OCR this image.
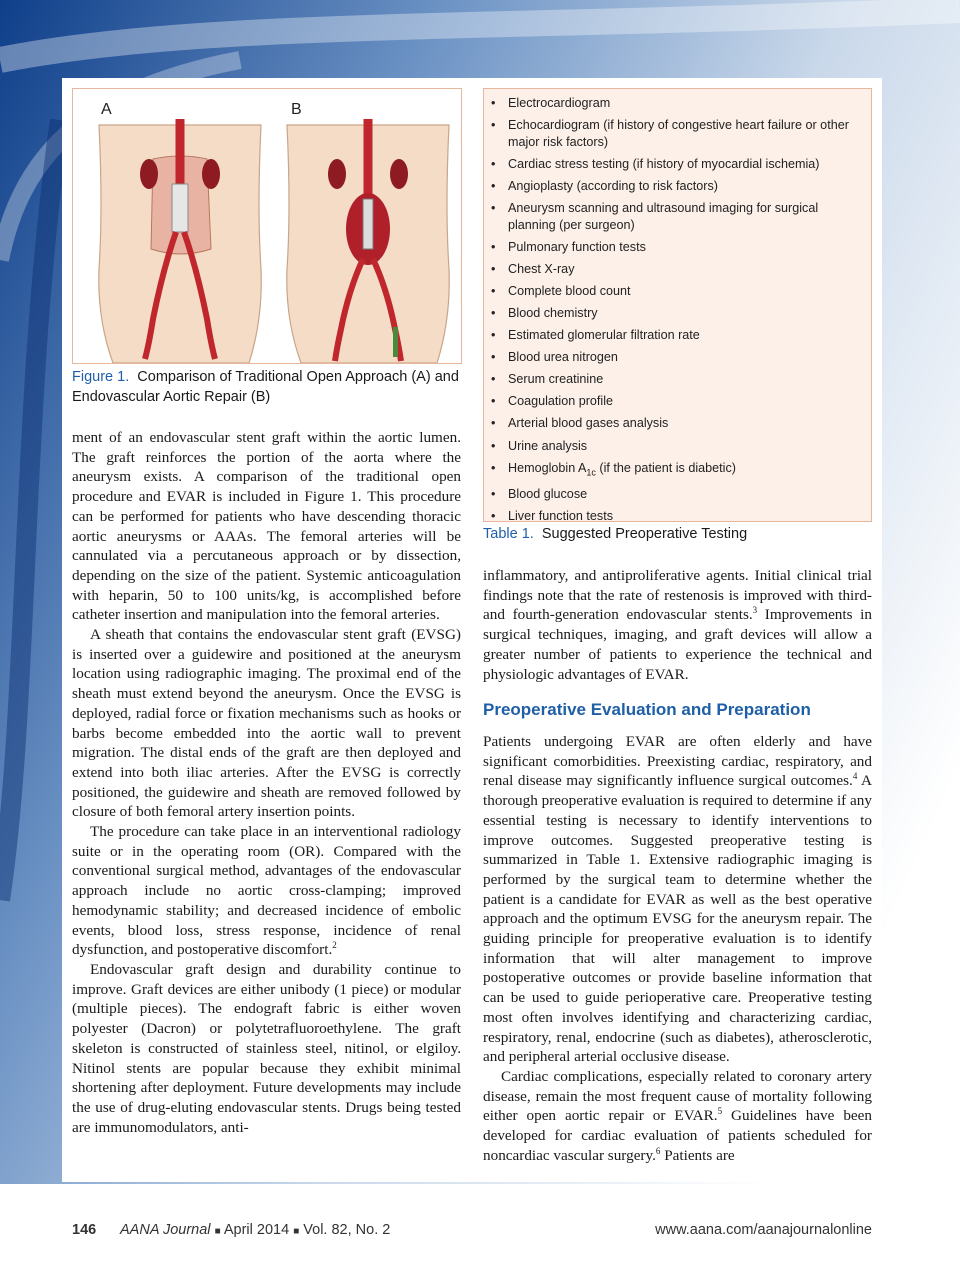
A	B
Figure 1. Comparison of Traditional Open Approach (A) and Endovascular Aortic Repair (B)

ment of an endovascular stent graft within the aortic lumen. The graft reinforces the portion of the aorta where the aneurysm exists. A comparison of the traditional open procedure and EVAR is included in Figure 1. This procedure can be performed for patients who have descending thoracic aortic aneurysms or AAAs. The femoral arteries will be cannulated via a percutaneous approach or by dissection, depending on the size of the patient. Systemic anticoagulation with heparin, 50 to 100 units/kg, is accomplished before catheter insertion and manipulation into the femoral arteries.

A sheath that contains the endovascular stent graft (EVSG) is inserted over a guidewire and positioned at the aneurysm location using radiographic imaging. The proximal end of the sheath must extend beyond the aneurysm. Once the EVSG is deployed, radial force or fixation mechanisms such as hooks or barbs become embedded into the aortic wall to prevent migration. The distal ends of the graft are then deployed and extend into both iliac arteries. After the EVSG is correctly positioned, the guidewire and sheath are removed followed by closure of both femoral artery insertion points.

The procedure can take place in an interventional radiology suite or in the operating room (OR). Compared with the conventional surgical method, advantages of the endovascular approach include no aortic cross-clamping; improved hemodynamic stability; and decreased incidence of embolic events, blood loss, stress response, incidence of renal dysfunction, and postoperative discomfort.$^2$

Endovascular graft design and durability continue to improve. Graft devices are either unibody (1 piece) or modular (multiple pieces). The endograft fabric is either woven polyester (Dacron) or polytetrafluoroethylene. The graft skeleton is constructed of stainless steel, nitinol, or elgiloy. Nitinol stents are popular because they exhibit minimal shortening after deployment. Future developments may include the use of drug-eluting endovascular stents. Drugs being tested are immunomodulators, anti-

• Electrocardiogram
• Echocardiogram (if history of congestive heart failure or other major risk factors)
• Cardiac stress testing (if history of myocardial ischemia)
• Angioplasty (according to risk factors)
• Aneurysm scanning and ultrasound imaging for surgical planning (per surgeon)
• Pulmonary function tests
• Chest X-ray
• Complete blood count
• Blood chemistry
• Estimated glomerular filtration rate
• Blood urea nitrogen
• Serum creatinine
• Coagulation profile
• Arterial blood gases analysis
• Urine analysis
• Hemoglobin $A_{1c}$ (if the patient is diabetic)
• Blood glucose
• Liver function tests
Table 1. Suggested Preoperative Testing

inflammatory, and antiproliferative agents. Initial clinical trial findings note that the rate of restenosis is improved with third- and fourth-generation endovascular stents.$^3$ Improvements in surgical techniques, imaging, and graft devices will allow a greater number of patients to experience the technical and physiologic advantages of EVAR.

Preoperative Evaluation and Preparation

Patients undergoing EVAR are often elderly and have significant comorbidities. Preexisting cardiac, respiratory, and renal disease may significantly influence surgical outcomes.$^4$ A thorough preoperative evaluation is required to determine if any essential testing is necessary to identify interventions to improve outcomes. Suggested preoperative testing is summarized in Table 1. Extensive radiographic imaging is performed by the surgical team to determine whether the patient is a candidate for EVAR as well as the best operative approach and the optimum EVSG for the aneurysm repair. The guiding principle for preoperative evaluation is to identify information that will alter management to improve postoperative outcomes or provide baseline information that can be used to guide perioperative care. Preoperative testing most often involves identifying and characterizing cardiac, respiratory, renal, endocrine (such as diabetes), atherosclerotic, and peripheral arterial occlusive disease.

Cardiac complications, especially related to coronary artery disease, remain the most frequent cause of mortality following either open aortic repair or EVAR.$^5$ Guidelines have been developed for cardiac evaluation of patients scheduled for noncardiac vascular surgery.$^6$ Patients are

146 AANA Journal ■ April 2014 ■ Vol. 82, No. 2	www.aana.com/aanajournalonline
